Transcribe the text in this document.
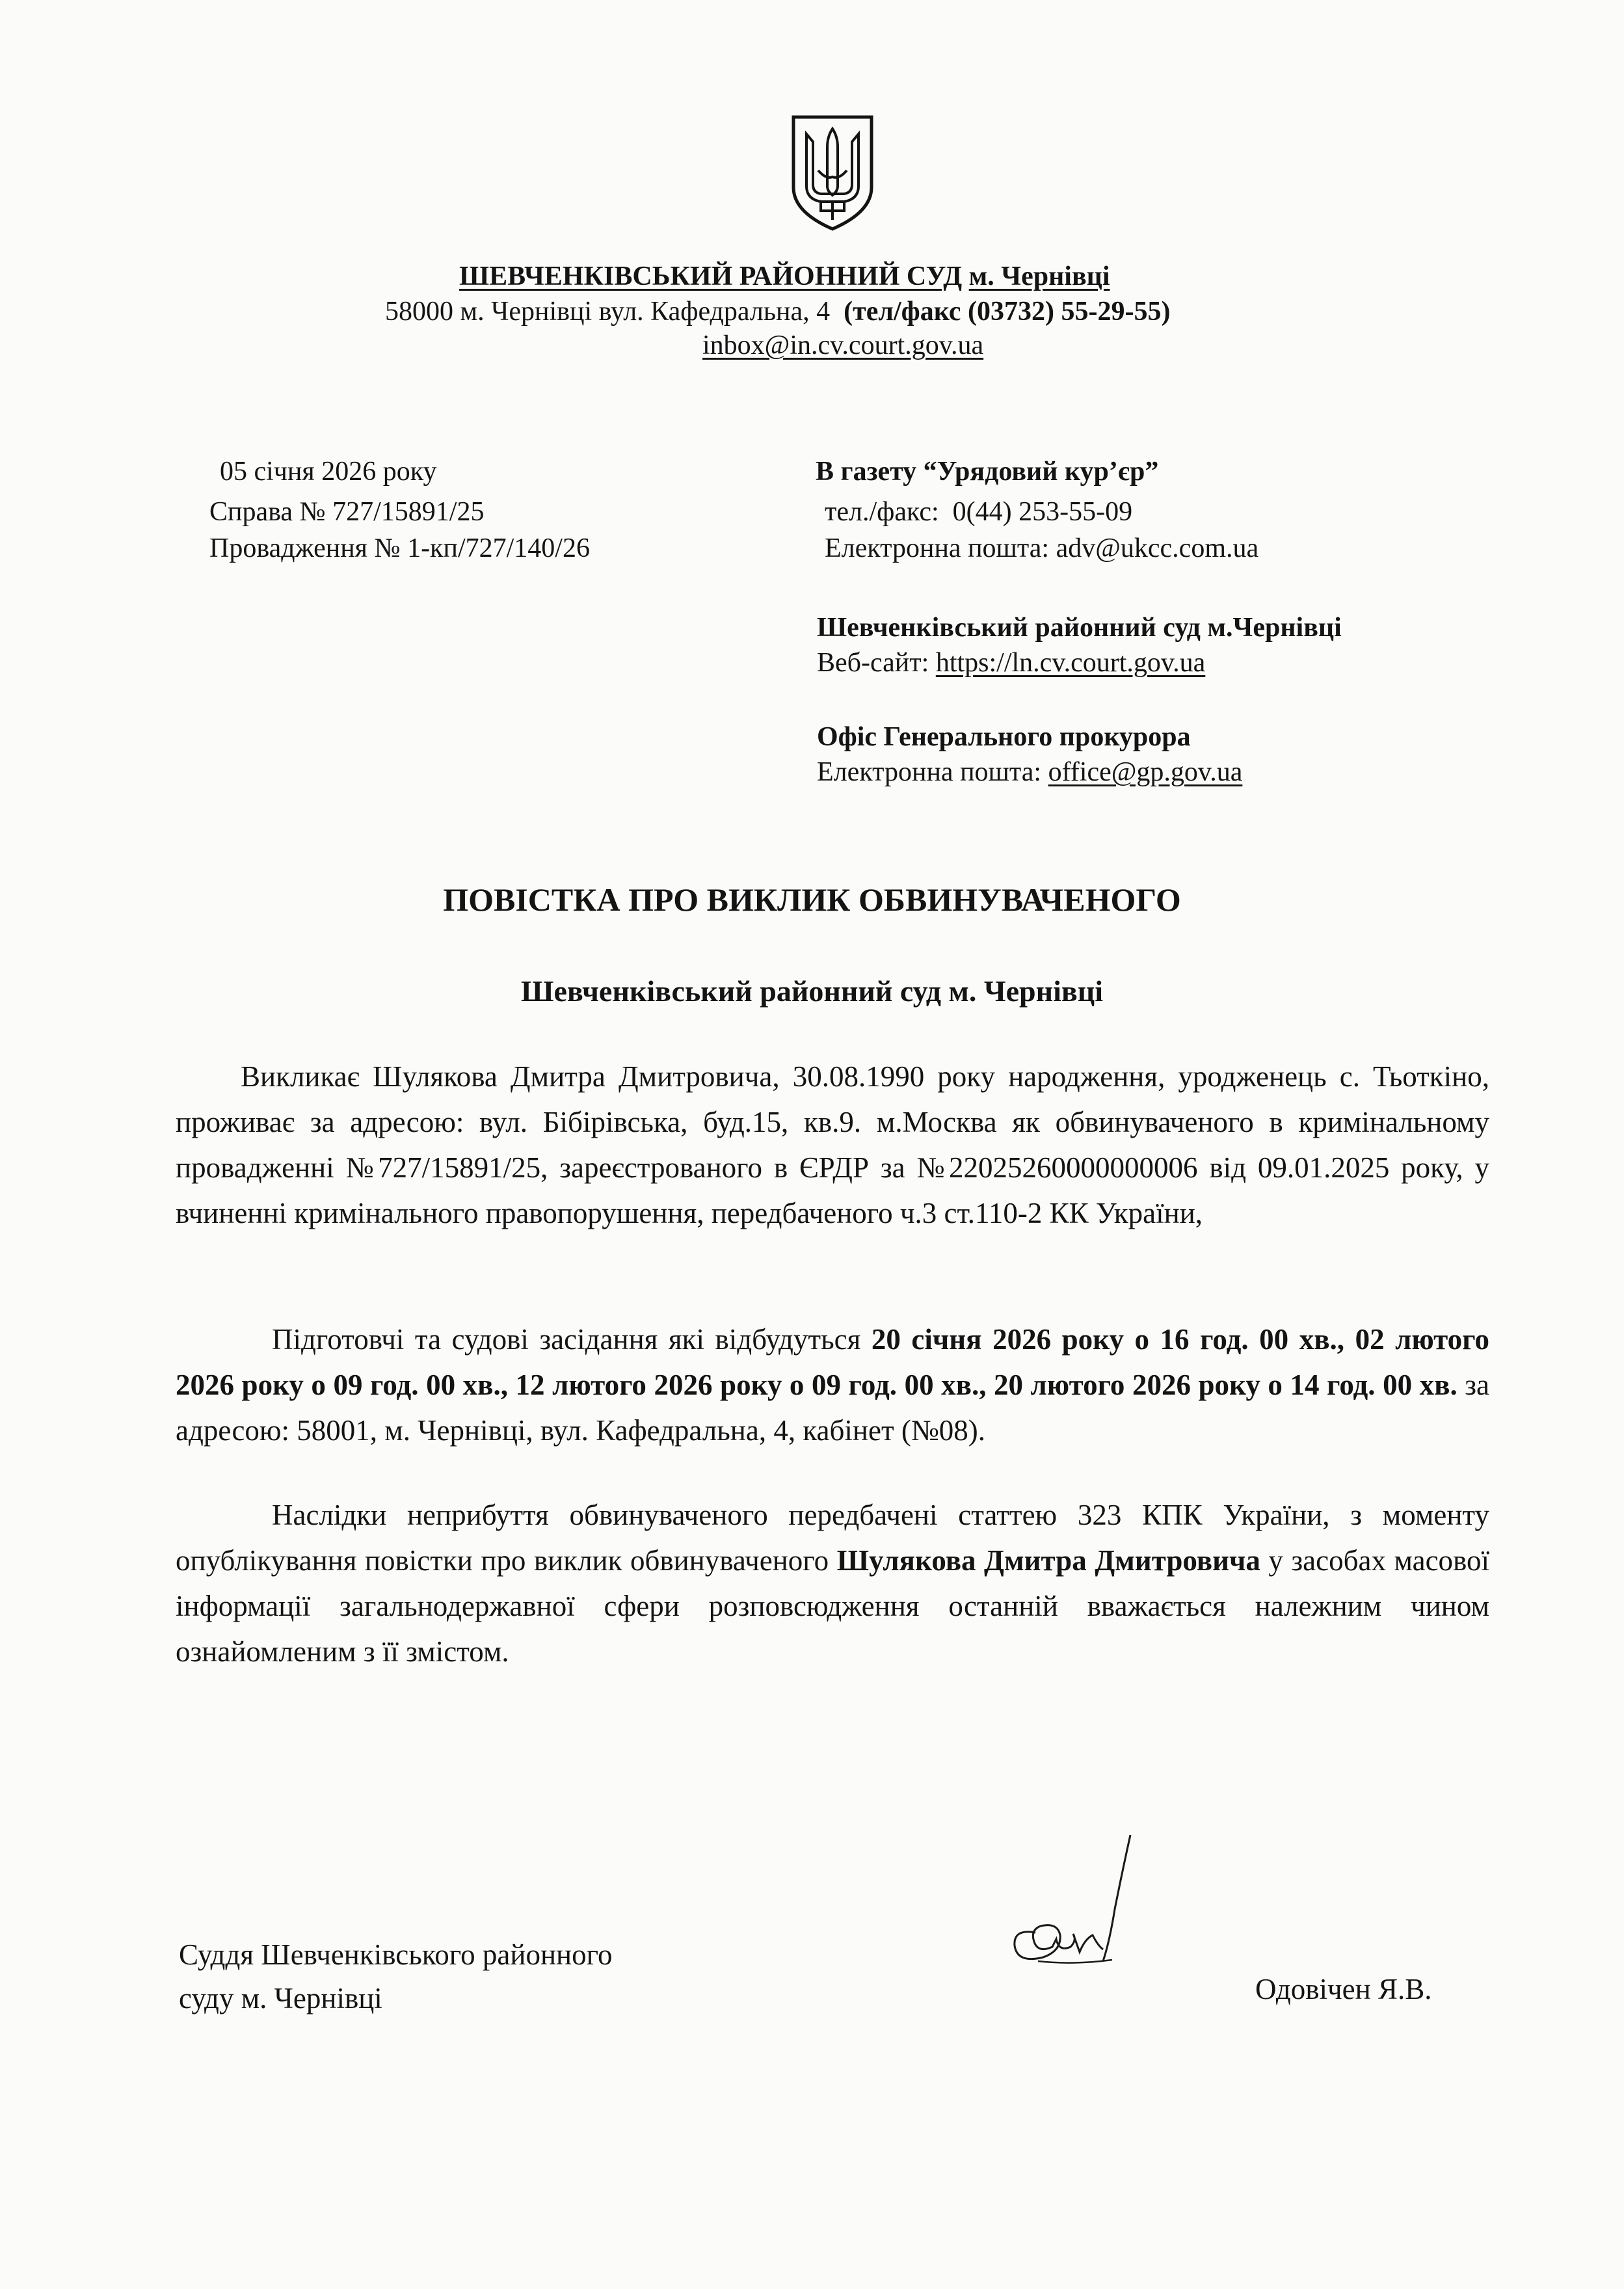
ШЕВЧЕНКІВСЬКИЙ РАЙОННИЙ СУД м. Чернівці
58000 м. Чернівці вул. Кафедральна, 4 (тел/факс (03732) 55-29-55)
inbox@in.cv.court.gov.ua
05 січня 2026 року
Справа № 727/15891/25
Провадження № 1-кп/727/140/26
В газету “Урядовий кур’єр”
тел./факс: 0(44) 253-55-09
Електронна пошта: adv@ukcc.com.ua
Шевченківський районний суд м.Чернівці
Веб-сайт: https://ln.cv.court.gov.ua
Офіс Генерального прокурора
Електронна пошта: office@gp.gov.ua
ПОВІСТКА ПРО ВИКЛИК ОБВИНУВАЧЕНОГО
Шевченківський районний суд м. Чернівці

Викликає Шулякова Дмитра Дмитровича, 30.08.1990 року народження, уродженець с. Тьоткіно, проживає за адресою: вул. Бібірівська, буд.15, кв.9. м.Москва як обвинуваченого в кримінальному провадженні №727/15891/25, зареєстрованого в ЄРДР за №22025260000000006 від 09.01.2025 року, у вчиненні кримінального правопорушення, передбаченого ч.3 ст.110-2 КК України,

Підготовчі та судові засідання які відбудуться 20 січня 2026 року о 16 год. 00 хв., 02 лютого 2026 року о 09 год. 00 хв., 12 лютого 2026 року о 09 год. 00 хв., 20 лютого 2026 року о 14 год. 00 хв. за адресою: 58001, м. Чернівці, вул. Кафедральна, 4, кабінет (№08).

Наслідки неприбуття обвинуваченого передбачені статтею 323 КПК України, з моменту опублікування повістки про виклик обвинуваченого Шулякова Дмитра Дмитровича у засобах масової інформації загальнодержавної сфери розповсюдження останній вважається належним чином ознайомленим з її змістом.

Суддя Шевченківського районного
суду м. Чернівці	Одовічен Я.В.
